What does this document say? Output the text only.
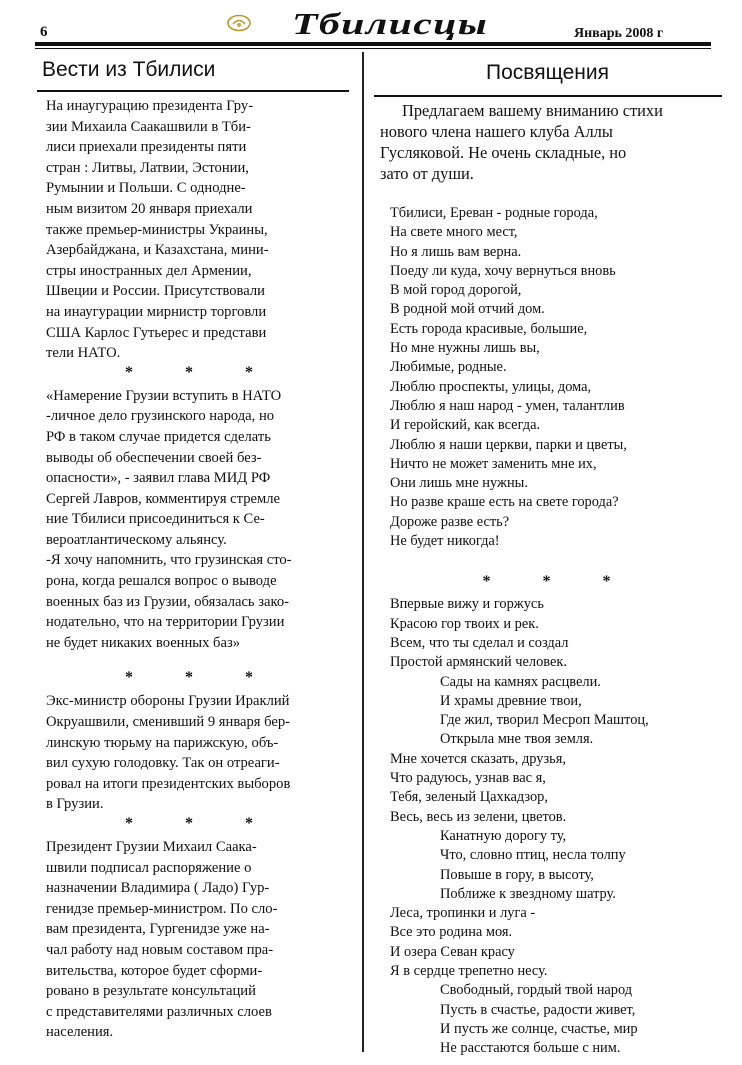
6	Тбилисцы	Январь 2008 г
Вести из Тбилиси	Посвящения
На инаугурацию президента Гру-
зии Михаила Саакашвили в Тби-
лиси приехали президенты пяти
стран : Литвы, Латвии, Эстонии,
Румынии и Польши. С однодне-
ным визитом 20 января приехали
также премьер-министры Украины,
Азербайджана, и Казахстана, мини-
стры иностранных дел Армении,
Швеции и России. Присутствовали
на инаугурации мирнистр торговли
США Карлос Гутьерес и представи
тели НАТО.
* * *
«Намерение Грузии вступить в НАТО
-личное дело грузинского народа, но
РФ в таком случае придется сделать
выводы об обеспечении своей без-
опасности», - заявил глава МИД РФ
Сергей Лавров, комментируя стремле
ние Тбилиси присоединиться к Се-
вероатлантическому альянсу.
-Я хочу напомнить, что грузинская сто-
рона, когда решался вопрос о выводе
военных баз из Грузии, обязалась зако-
нодательно, что на территории Грузии
не будет никаких военных баз»
* * *
Экс-министр обороны Грузии Ираклий
Окруашвили, сменивший 9 января бер-
линскую тюрьму на парижскую, объ-
вил сухую голодовку. Так он отреаги-
ровал на итоги президентских выборов
в Грузии.
* * *
Президент Грузии Михаил Саака-
швили подписал распоряжение о
назначении Владимира ( Ладо) Гур-
генидзе премьер-министром. По сло-
вам президента, Гургенидзе уже на-
чал работу над новым составом пра-
вительства, которое будет сформи-
ровано в результате консультаций
с представителями различных слоев
населения.
Предлагаем вашему вниманию стихи
нового члена нашего клуба Аллы
Гусляковой. Не очень складные, но
зато от души.
Тбилиси, Ереван - родные города,
На свете много мест,
Но я лишь вам верна.
Поеду ли куда, хочу вернуться вновь
В мой город дорогой,
В родной мой отчий дом.
Есть города красивые, большие,
Но мне нужны лишь вы,
Любимые, родные.
Люблю проспекты, улицы, дома,
Люблю я наш народ - умен, талантлив
И геройский, как всегда.
Люблю я наши церкви, парки и цветы,
Ничто не может заменить мне их,
Они лишь мне нужны.
Но разве краше есть на свете города?
Дороже разве есть?
Не будет никогда!
* * *
Впервые вижу и горжусь
Красою гор твоих и рек.
Всем, что ты сделал и создал
Простой армянский человек.
Сады на камнях расцвели.
И храмы древние твои,
Где жил, творил Месроп Маштоц,
Открыла мне твоя земля.
Мне хочется сказать, друзья,
Что радуюсь, узнав вас я,
Тебя, зеленый Цахкадзор,
Весь, весь из зелени, цветов.
Канатную дорогу ту,
Что, словно птиц, несла толпу
Повыше в гору, в высоту,
Поближе к звездному шатру.
Леса, тропинки и луга -
Все это родина моя.
И озера Севан красу
Я в сердце трепетно несу.
Свободный, гордый твой народ
Пусть в счастье, радости живет,
И пусть же солнце, счастье, мир
Не расстаются больше с ним.
